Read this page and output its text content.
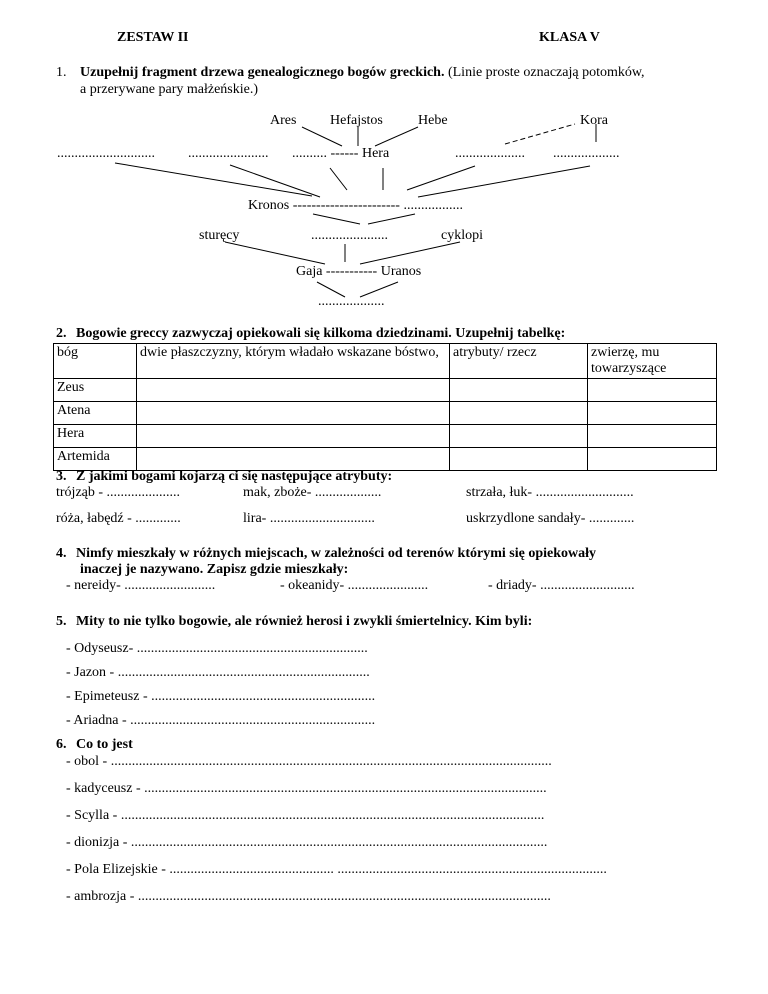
ZESTAW II	KLASA V
1. Uzupełnij fragment drzewa genealogicznego bogów greckich. (Linie proste oznaczają potomków,
a przerywane pary małżeńskie.)
Ares Hefajstos	Hebe	Kora
............................ ....................... .......... ------ Hera	.................... ...................
Kronos ----------------------- .................
sturęcy	......................	cyklopi
Gaja ----------- Uranos
...................
2. Bogowie greccy zazwyczaj opiekowali się kilkoma dziedzinami. Uzupełnij tabelkę:
bóg	dwie płaszczyzny, którym władało wskazane bóstwo,	atrybuty/ rzecz	zwierzę, mu towarzyszące
Zeus			
Atena			
Hera			
Artemida			
3. Z jakimi bogami kojarzą ci się następujące atrybuty:
trójząb - .....................	mak, zboże- ...................	strzała, łuk- ............................
róża, łabędź - .............	lira- ..............................	uskrzydlone sandały- .............
4. Nimfy mieszkały w różnych miejscach, w zależności od terenów którymi się opiekowały
inaczej je nazywano. Zapisz gdzie mieszkały:
- nereidy- ..........................	- okeanidy- .......................	- driady- ...........................
5. Mity to nie tylko bogowie, ale również herosi i zwykli śmiertelnicy. Kim byli:
- Odyseusz- ..................................................................
- Jazon - ........................................................................
- Epimeteusz - ................................................................
- Ariadna - ......................................................................
6. Co to jest
- obol - ..............................................................................................................................
- kadyceusz - ...................................................................................................................
- Scylla - .........................................................................................................................
- dionizja - .......................................................................................................................
- Pola Elizejskie - ............................................... .............................................................................
- ambrozja - ......................................................................................................................
